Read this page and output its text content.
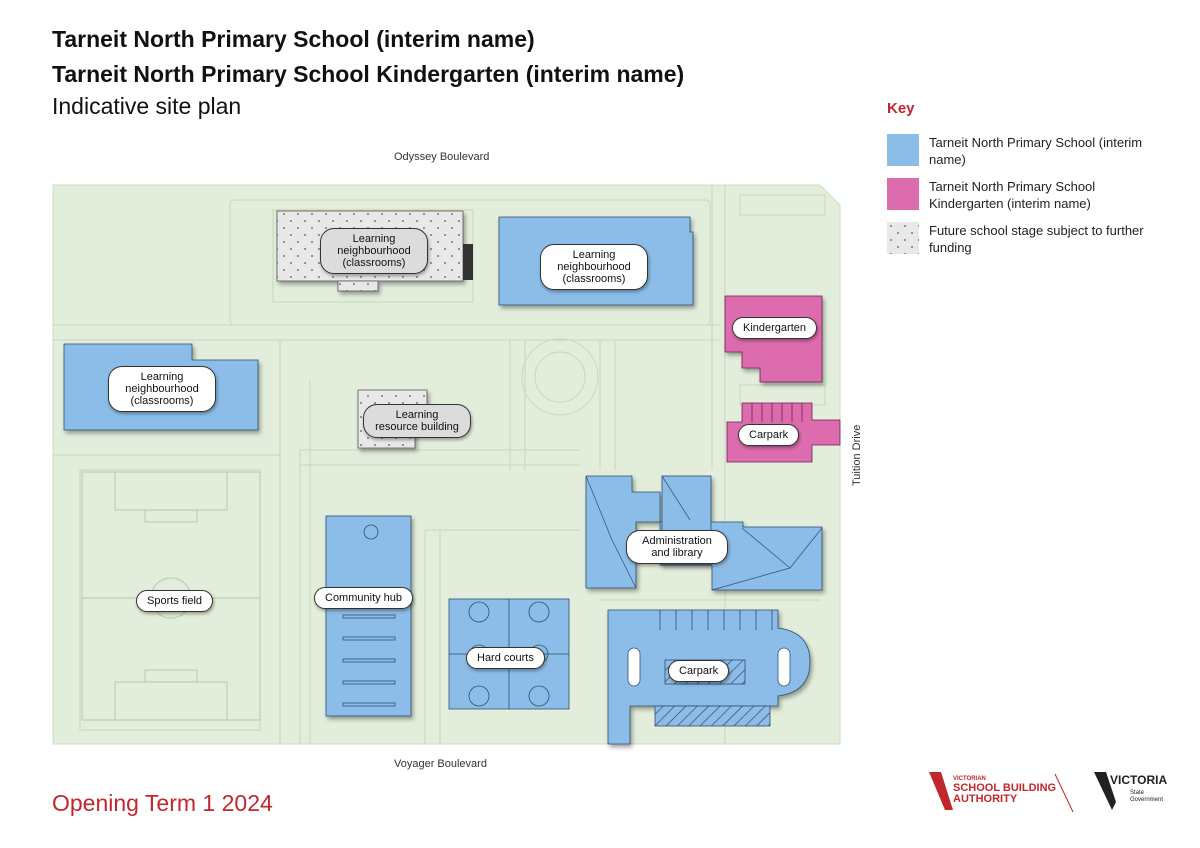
Tarneit North Primary School (interim name)
Tarneit North Primary School Kindergarten (interim name)
Indicative site plan
Odyssey Boulevard
Voyager Boulevard
Tuition Drive
Learning neighbourhood (classrooms)
Learning neighbourhood (classrooms)
Learning neighbourhood (classrooms)
Learning resource building
Kindergarten
Carpark
Administration and library
Sports field	Community hub
Hard courts
Carpark
Key
Tarneit North Primary School (interim name)
Tarneit North Primary School Kindergarten (interim name)
Future school stage subject to further funding
Opening Term 1 2024
VICTORIAN
SCHOOL BUILDING
AUTHORITY
VICTORIA
State
Government
